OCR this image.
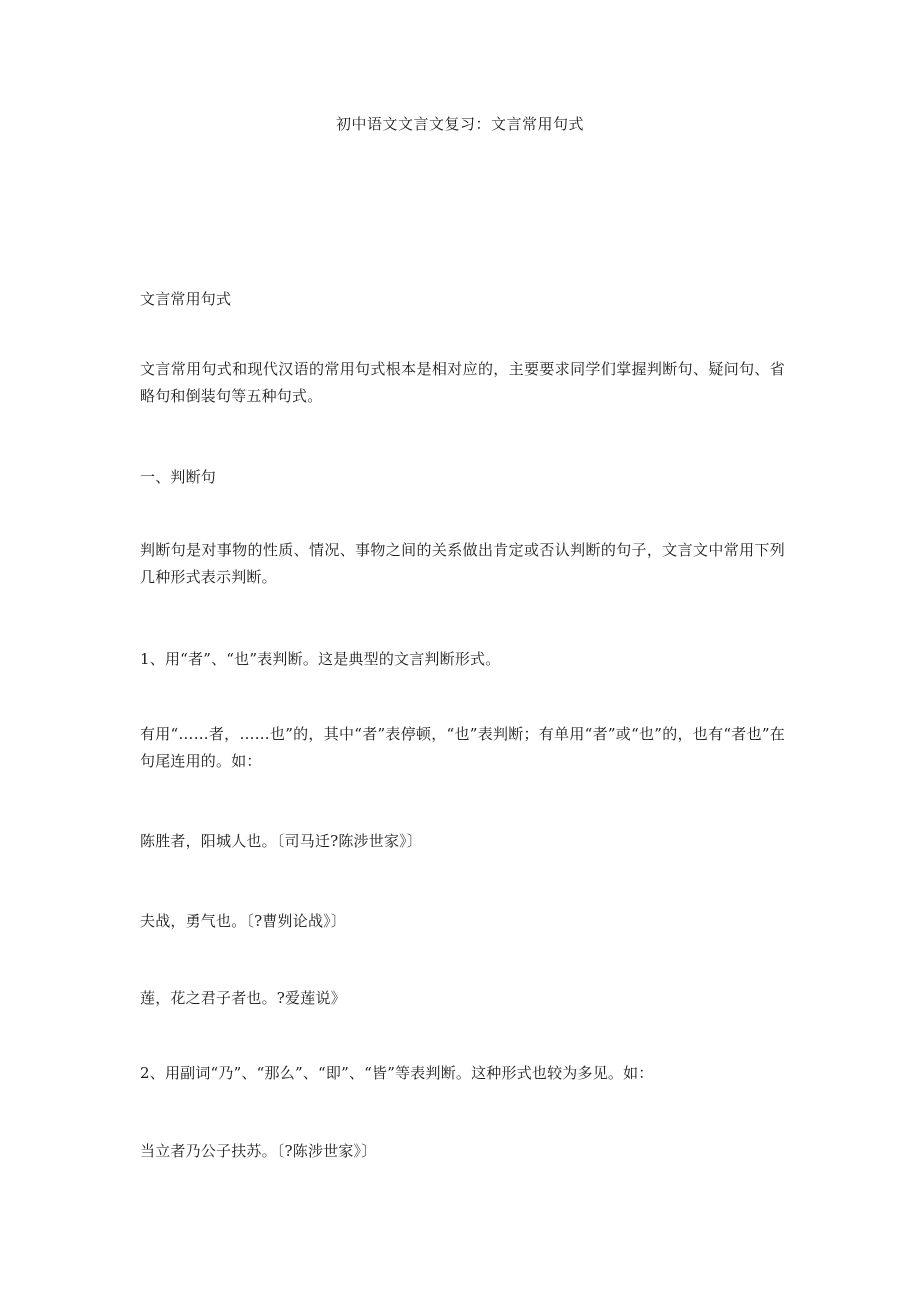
初中语文文言文复习：文言常用句式
文言常用句式
文言常用句式和现代汉语的常用句式根本是相对应的，主要要求同学们掌握判断句、疑问句、省略句和倒装句等五种句式。
一、判断句
判断句是对事物的性质、情况、事物之间的关系做出肯定或否认判断的句子，文言文中常用下列几种形式表示判断。
1、用“者”、“也”表判断。这是典型的文言判断形式。
有用“……者，……也”的，其中“者”表停顿，“也”表判断；有单用“者”或“也”的，也有“者也”在句尾连用的。如：
陈胜者，阳城人也。〔司马迁?陈涉世家》〕
夫战，勇气也。〔?曹刿论战》〕
莲，花之君子者也。?爱莲说》
2、用副词“乃”、“那么”、“即”、“皆”等表判断。这种形式也较为多见。如：
当立者乃公子扶苏。〔?陈涉世家》〕
